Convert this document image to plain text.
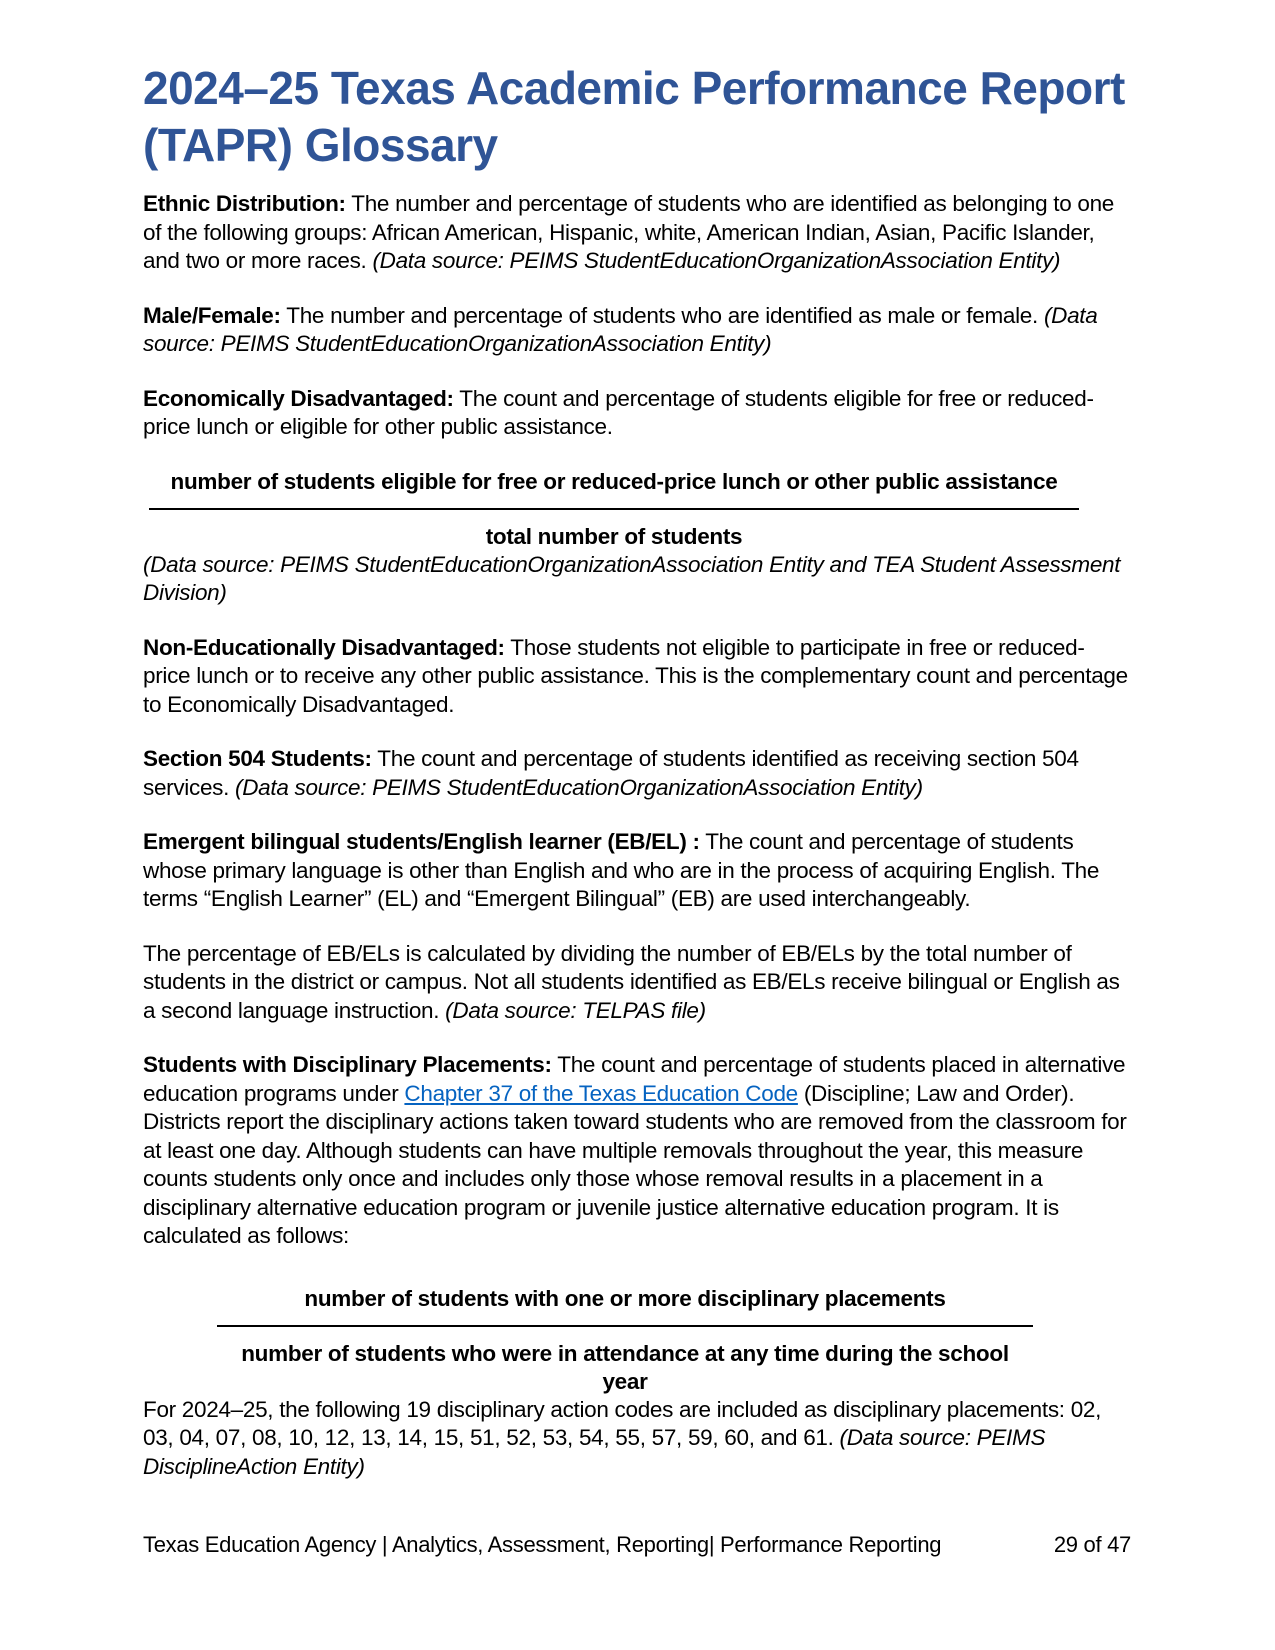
2024–25 Texas Academic Performance Report
(TAPR) Glossary

Ethnic Distribution: The number and percentage of students who are identified as belonging to one of the following groups: African American, Hispanic, white, American Indian, Asian, Pacific Islander, and two or more races. (Data source: PEIMS StudentEducationOrganizationAssociation Entity)

Male/Female: The number and percentage of students who are identified as male or female. (Data source: PEIMS StudentEducationOrganizationAssociation Entity)

Economically Disadvantaged: The count and percentage of students eligible for free or reduced-price lunch or eligible for other public assistance.

number of students eligible for free or reduced-price lunch or other public assistance
total number of students

(Data source: PEIMS StudentEducationOrganizationAssociation Entity and TEA Student Assessment Division)

Non-Educationally Disadvantaged: Those students not eligible to participate in free or reduced-price lunch or to receive any other public assistance. This is the complementary count and percentage to Economically Disadvantaged.

Section 504 Students: The count and percentage of students identified as receiving section 504 services. (Data source: PEIMS StudentEducationOrganizationAssociation Entity)

Emergent bilingual students/English learner (EB/EL) : The count and percentage of students whose primary language is other than English and who are in the process of acquiring English. The terms “English Learner” (EL) and “Emergent Bilingual” (EB) are used interchangeably.

The percentage of EB/ELs is calculated by dividing the number of EB/ELs by the total number of students in the district or campus. Not all students identified as EB/ELs receive bilingual or English as a second language instruction. (Data source: TELPAS file)

Students with Disciplinary Placements: The count and percentage of students placed in alternative education programs under Chapter 37 of the Texas Education Code (Discipline; Law and Order). Districts report the disciplinary actions taken toward students who are removed from the classroom for at least one day. Although students can have multiple removals throughout the year, this measure counts students only once and includes only those whose removal results in a placement in a disciplinary alternative education program or juvenile justice alternative education program. It is calculated as follows:

number of students with one or more disciplinary placements
number of students who were in attendance at any time during the school year

For 2024–25, the following 19 disciplinary action codes are included as disciplinary placements: 02, 03, 04, 07, 08, 10, 12, 13, 14, 15, 51, 52, 53, 54, 55, 57, 59, 60, and 61. (Data source: PEIMS DisciplineAction Entity)

Texas Education Agency | Analytics, Assessment, Reporting| Performance Reporting	29 of 47
